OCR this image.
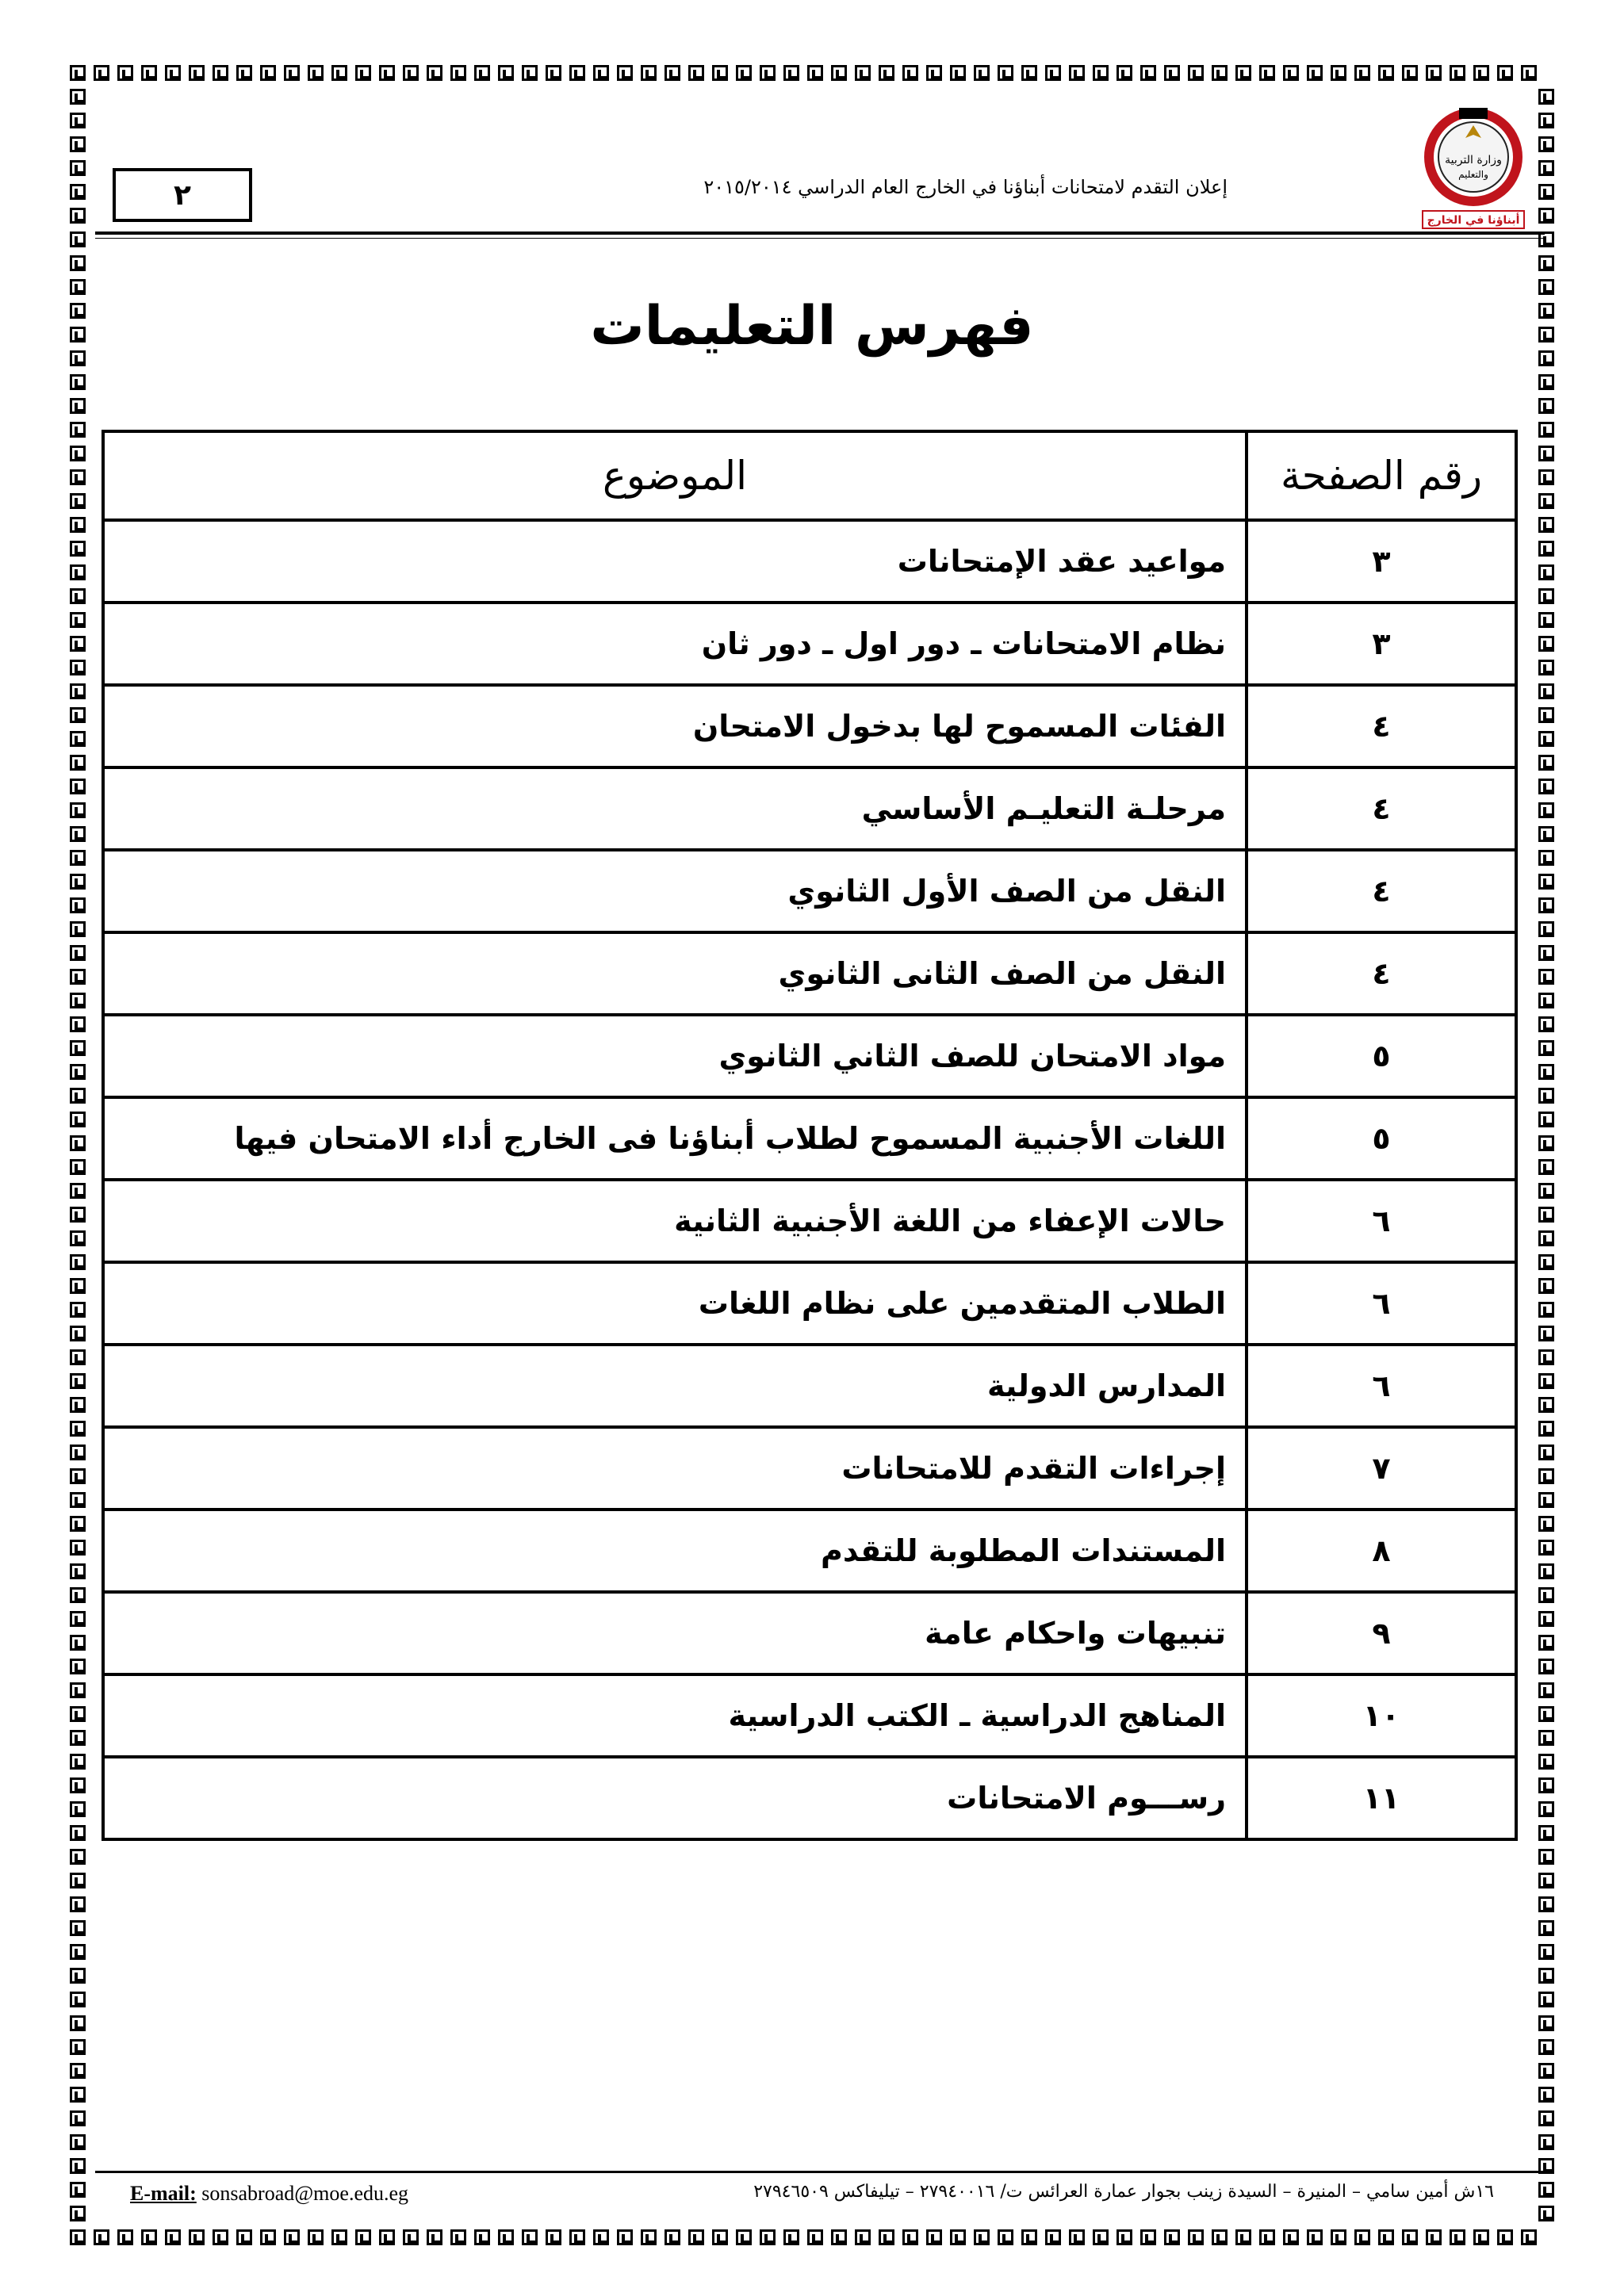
وزارة التربية
والتعليم
أبناؤنا في الخارج
إعلان التقدم لامتحانات أبناؤنا في الخارج العام الدراسي ٢٠١٥/٢٠١٤
٢
فهرس التعليمات
رقم الصفحة	الموضوع
٣	مواعيد عقد الإمتحانات
٣	نظام الامتحانات ـ دور اول ـ دور ثان
٤	الفئات المسموح لها بدخول الامتحان
٤	مرحلـة التعليـم الأساسي
٤	النقل من الصف الأول الثانوي
٤	النقل من الصف الثانى الثانوي
٥	مواد الامتحان للصف الثاني الثانوي
٥	اللغات الأجنبية المسموح لطلاب أبناؤنا فى الخارج أداء الامتحان فيها
٦	حالات الإعفاء من اللغة الأجنبية الثانية
٦	الطلاب المتقدمين على نظام اللغات
٦	المدارس الدولية
٧	إجراءات التقدم للامتحانات
٨	المستندات المطلوبة للتقدم
٩	تنبيهات واحكام عامة
١٠	المناهج الدراسية ـ الكتب الدراسية
١١	رســـوم الامتحانات
١٦ش أمين سامي – المنيرة – السيدة زينب بجوار عمارة العرائس ت/ ٢٧٩٤٠٠١٦ – تيليفاكس ٢٧٩٤٦٥٠٩
E-mail: sonsabroad@moe.edu.eg
